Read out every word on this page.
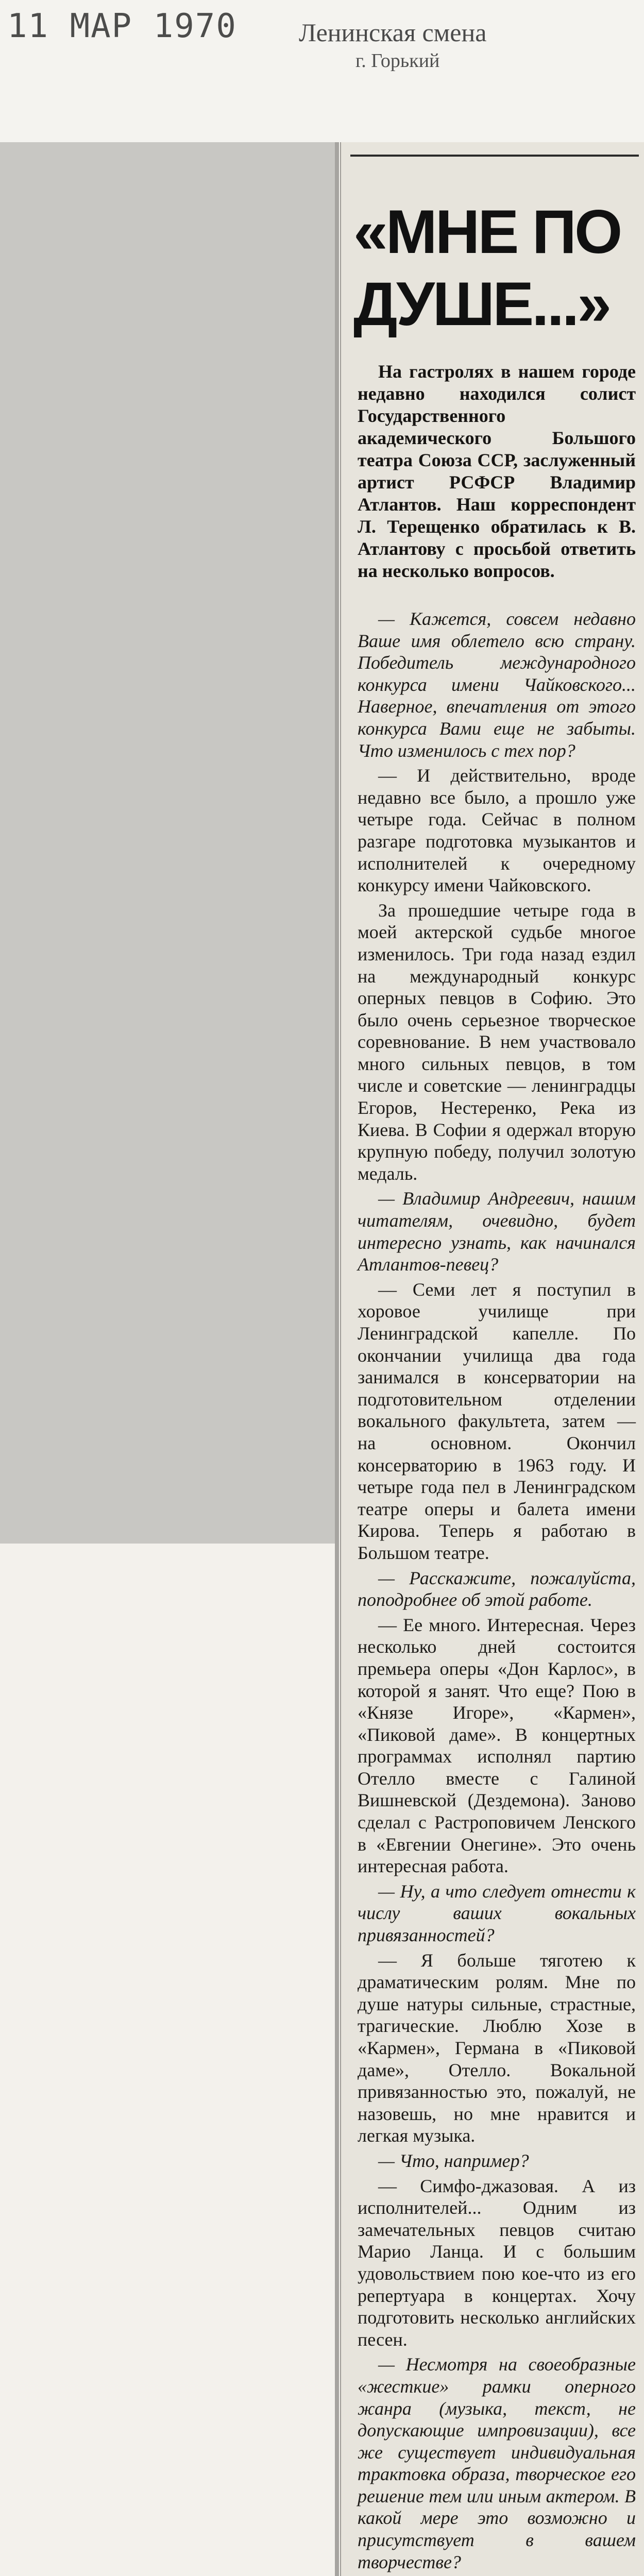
11 МАР 1970 Ленинская смена
г. Горький
«МНЕ ПО ДУШЕ...»
На гастролях в нашем городе недавно находился солист Государственного академического Большого театра Союза ССР, заслуженный артист РСФСР Владимир Атлантов. Наш корреспондент Л. Терещенко обратилась к В. Атлантову с просьбой ответить на несколько вопросов.

— Кажется, совсем недавно Ваше имя облетело всю страну. Победитель международного конкурса имени Чайковского... Наверное, впечатления от этого конкурса Вами еще не забыты. Что изменилось с тех пор?

— И действительно, вроде недавно все было, а прошло уже четыре года. Сейчас в полном разгаре подготовка музыкантов и исполнителей к очередному конкурсу имени Чайковского.

За прошедшие четыре года в моей актерской судьбе многое изменилось. Три года назад ездил на международный конкурс оперных певцов в Софию. Это было очень серьезное творческое соревнование. В нем участвовало много сильных певцов, в том числе и советские — ленинградцы Егоров, Нестеренко, Река из Киева. В Софии я одержал вторую крупную победу, получил золотую медаль.

— Владимир Андреевич, нашим читателям, очевидно, будет интересно узнать, как начинался Атлантов-певец?

— Семи лет я поступил в хоровое училище при Ленинградской капелле. По окончании училища два года занимался в консерватории на подготовительном отделении вокального факультета, затем — на основном. Окончил консерваторию в 1963 году. И четыре года пел в Ленинградском театре оперы и балета имени Кирова. Теперь я работаю в Большом театре.

— Расскажите, пожалуйста, поподробнее об этой работе.

— Ее много. Интересная. Через несколько дней состоится премьера оперы «Дон Карлос», в которой я занят. Что еще? Пою в «Князе Игоре», «Кармен», «Пиковой даме». В концертных программах исполнял партию Отелло вместе с Галиной Вишневской (Дездемона). Заново сделал с Растроповичем Ленского в «Евгении Онегине». Это очень интересная работа.

— Ну, а что следует отнести к числу ваших вокальных привязанностей?

— Я больше тяготею к драматическим ролям. Мне по душе натуры сильные, страстные, трагические. Люблю Хозе в «Кармен», Германа в «Пиковой даме», Отелло. Вокальной привязанностью это, пожалуй, не назовешь, но мне нравится и легкая музыка.

— Что, например?

— Симфо-джазовая. А из исполнителей... Одним из замечательных певцов считаю Марио Ланца. И с большим удовольствием пою кое-что из его репертуара в концертах. Хочу подготовить несколько английских песен.

— Несмотря на своеобразные «жесткие» рамки оперного жанра (музыка, текст, не допускающие импровизации), все же существует индивидуальная трактовка образа, творческое его решение тем или иным актером. В какой мере это возможно и присутствует в вашем творчестве?
